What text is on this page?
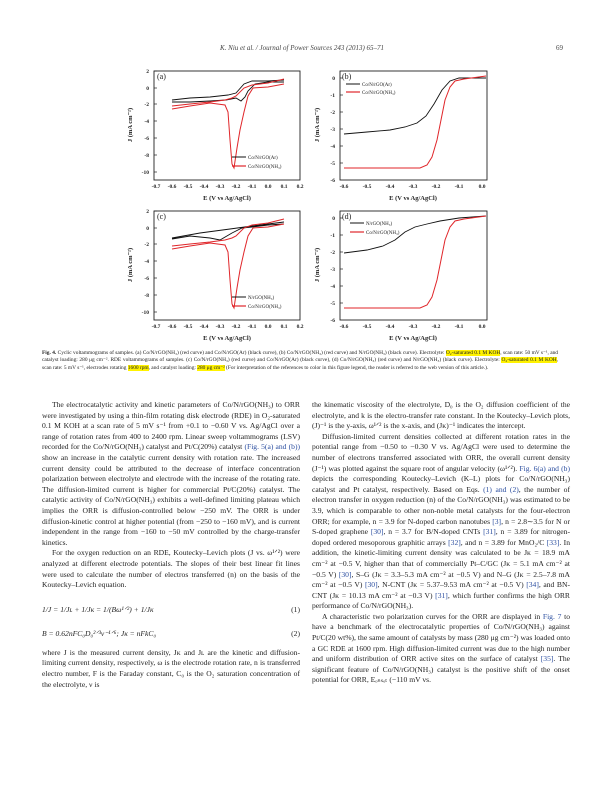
K. Niu et al. / Journal of Power Sources 243 (2013) 65–71	69
2
0
-2
-4
-6
-8
-10
-0.7 -0.6 -0.5 -0.4 -0.3 -0.2 -0.1 0.0 0.1 0.2
E (V vs Ag/AgCl)
J (mA cm⁻²)
(a)
Co/N/rGO(Ar)
Co/N/rGO(NH₃)
0
-1
-2
-3
-4
-5
-6
-0.6	-0.5	-0.4	-0.3	-0.2	-0.1	0.0
E (V vs Ag/AgCl)
J (mA cm⁻²)
(b)
Co/N/rGO(Ar)
Co/N/rGO(NH₃)
2
0
-2
-4
-6
-8
-10
-0.7 -0.6 -0.5 -0.4 -0.3 -0.2 -0.1 0.0 0.1 0.2
E (V vs Ag/AgCl)
J (mA cm⁻²)
(c)
N/rGO(NH₃)
Co/N/rGO(NH₃)
0
-1
-2
-3
-4
-5
-6
-0.6	-0.5	-0.4	-0.3	-0.2	-0.1	0.0
E (V vs Ag/AgCl)
J (mA cm⁻²)
(d)
N/rGO(NH₃)
Co/N/rGO(NH₃)
Fig. 4. Cyclic voltammograms of samples. (a) Co/N/rGO(NH₃) (red curve) and Co/N/rGO(Ar) (black curve), (b) Co/N/rGO(NH₃) (red curve) and N/rGO(NH₃) (black curve). Electrolyte: O₂-saturated 0.1 M KOH, scan rate: 50 mV s⁻¹, and catalyst loading: 280 μg cm⁻². RDE voltammograms of samples. (c) Co/N/rGO(NH₃) (red curve) and Co/N/rGO(Ar) (black curve), (d) Co/N/rGO(NH₃) (red curve) and N/rGO(NH₃) (black curve). Electrolyte: O₂-saturated 0.1 M KOH, scan rate: 5 mV s⁻¹, electrodes rotating 1600 rpm, and catalyst loading: 280 μg cm⁻² (For interpretation of the references to color in this figure legend, the reader is referred to the web version of this article.).

The electrocatalytic activity and kinetic parameters of Co/N/rGO(NH₃) to ORR were investigated by using a thin-film rotating disk electrode (RDE) in O₂-saturated 0.1 M KOH at a scan rate of 5 mV s⁻¹ from +0.1 to −0.60 V vs. Ag/AgCl over a range of rotation rates from 400 to 2400 rpm. Linear sweep voltammograms (LSV) recorded for the Co/N/rGO(NH₃) catalyst and Pt/C(20%) catalyst (Fig. 5(a) and (b)) show an increase in the catalytic current density with rotation rate. The increased current density could be attributed to the decrease of interface concentration polarization between electrolyte and electrode with the increase of the rotating rate. The diffusion-limited current is higher for commercial Pt/C(20%) catalyst. The catalytic activity of Co/N/rGO(NH₃) exhibits a well-defined limiting plateau which implies the ORR is diffusion-controlled below −250 mV. The ORR is under diffusion-kinetic control at higher potential (from −250 to −160 mV), and is current independent in the range from −160 to −50 mV controlled by the charge-transfer kinetics.

For the oxygen reduction on an RDE, Koutecky–Levich plots (J vs. ω¹ᐟ²) were analyzed at different electrode potentials. The slopes of their best linear fit lines were used to calculate the number of electros transferred (n) on the basis of the Koutecky–Levich equation.

1/J = 1/Jʟ + 1/Jᴋ = 1/(Bω¹ᐟ²) + 1/Jᴋ	(1)
B = 0.62nFC₀D₀²ᐟ³ν⁻¹ᐟ⁶; Jᴋ = nFkC₀	(2)

where J is the measured current density, Jᴋ and Jʟ are the kinetic and diffusion-limiting current density, respectively, ω is the electrode rotation rate, n is transferred electro number, F is the Faraday constant, C₀ is the O₂ saturation concentration of the electrolyte, ν is

the kinematic viscosity of the electrolyte, D₀ is the O₂ diffusion coefficient of the electrolyte, and k is the electro-transfer rate constant. In the Koutecky–Levich plots, (J)⁻¹ is the y-axis, ω¹ᐟ² is the x-axis, and (Jᴋ)⁻¹ indicates the intercept.

Diffusion-limited current densities collected at different rotation rates in the potential range from −0.50 to −0.30 V vs. Ag/AgCl were used to determine the number of electrons transferred associated with ORR, the overall current density (J⁻¹) was plotted against the square root of angular velocity (ω¹ᐟ²). Fig. 6(a) and (b) depicts the corresponding Koutecky–Levich (K–L) plots for Co/N/rGO(NH₃) catalyst and Pt catalyst, respectively. Based on Eqs. (1) and (2), the number of electron transfer in oxygen reduction (n) of the Co/N/rGO(NH₃) was estimated to be 3.9, which is comparable to other non-noble metal catalysts for the four-electron ORR; for example, n = 3.9 for N-doped carbon nanotubes [3], n = 2.8∼3.5 for N or S-doped graphene [30], n = 3.7 for B/N-doped CNTs [31], n = 3.89 for nitrogen-doped ordered mesoporous graphitic arrays [32], and n = 3.89 for MnO₂/C [33]. In addition, the kinetic-limiting current density was calculated to be Jᴋ = 18.9 mA cm⁻² at −0.5 V, higher than that of commercially Pt–C/GC (Jᴋ = 5.1 mA cm⁻² at −0.5 V) [30], S–G (Jᴋ = 3.3–5.3 mA cm⁻² at −0.5 V) and N–G (Jᴋ = 2.5–7.8 mA cm⁻² at −0.5 V) [30], N-CNT (Jᴋ = 5.37–9.53 mA cm⁻² at −0.5 V) [34], and BN-CNT (Jᴋ = 10.13 mA cm⁻² at −0.3 V) [31], which further confirms the high ORR performance of Co/N/rGO(NH₃).

A characteristic two polarization curves for the ORR are displayed in Fig. 7 to have a benchmark of the electrocatalytic properties of Co/N/rGO(NH₃) against Pt/C(20 wt%), the same amount of catalysts by mass (280 μg cm⁻²) was loaded onto a GC RDE at 1600 rpm. High diffusion-limited current was due to the high number and uniform distribution of ORR active sites on the surface of catalyst [35]. The significant feature of Co/N/rGO(NH₃) catalyst is the positive shift of the onset potential for ORR, Eₒₙₛₑₜ (−110 mV vs.
